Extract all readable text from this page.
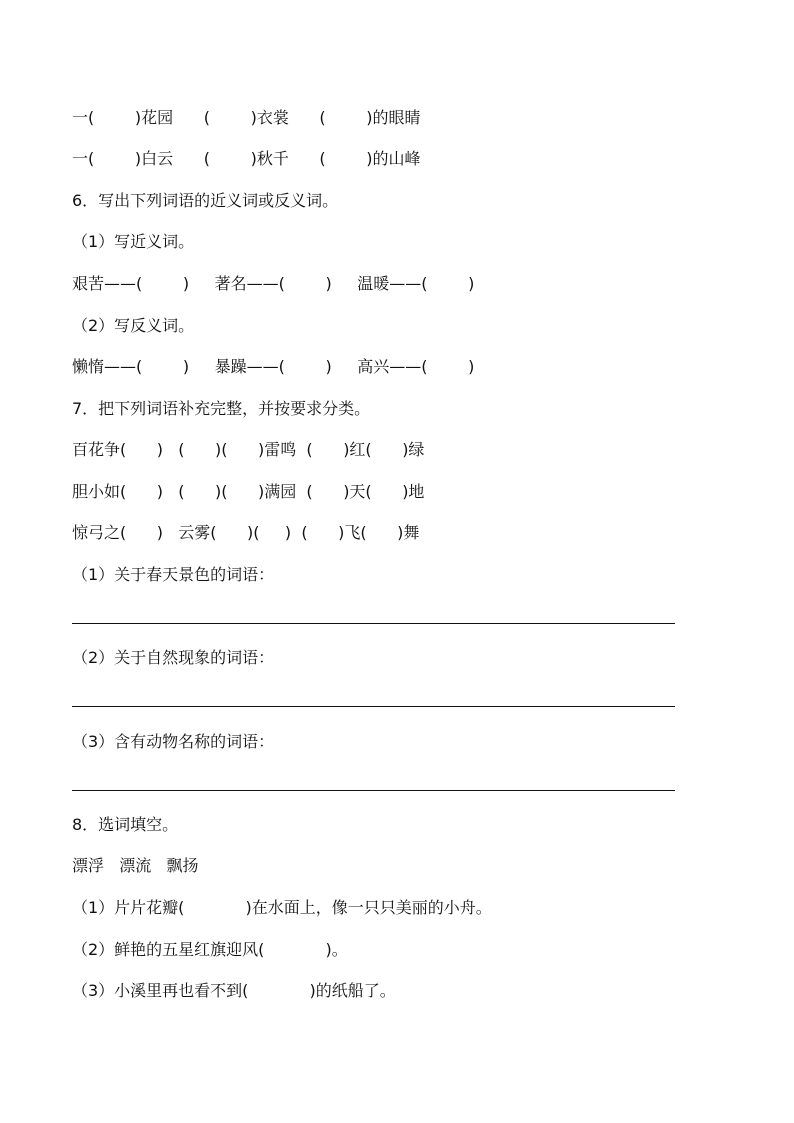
一(        )花园      (        )衣裳      (        )的眼睛
一(        )白云      (        )秋千      (        )的山峰
6．写出下列词语的近义词或反义词。
（1）写近义词。
艰苦——(        )     著名——(        )     温暖——(        )
（2）写反义词。
懒惰——(        )     暴躁——(        )     高兴——(        )
7．把下列词语补充完整，并按要求分类。
百花争(      )   (      )(      )雷鸣  (      )红(      )绿
胆小如(      )   (      )(      )满园  (      )天(      )地
惊弓之(      )   云雾(      )(     )  (      )飞(      )舞
（1）关于春天景色的词语：
（2）关于自然现象的词语：
（3）含有动物名称的词语：
8．选词填空。
漂浮   漂流   飘扬
（1）片片花瓣(            )在水面上，像一只只美丽的小舟。
（2）鲜艳的五星红旗迎风(            )。
（3）小溪里再也看不到(            )的纸船了。
